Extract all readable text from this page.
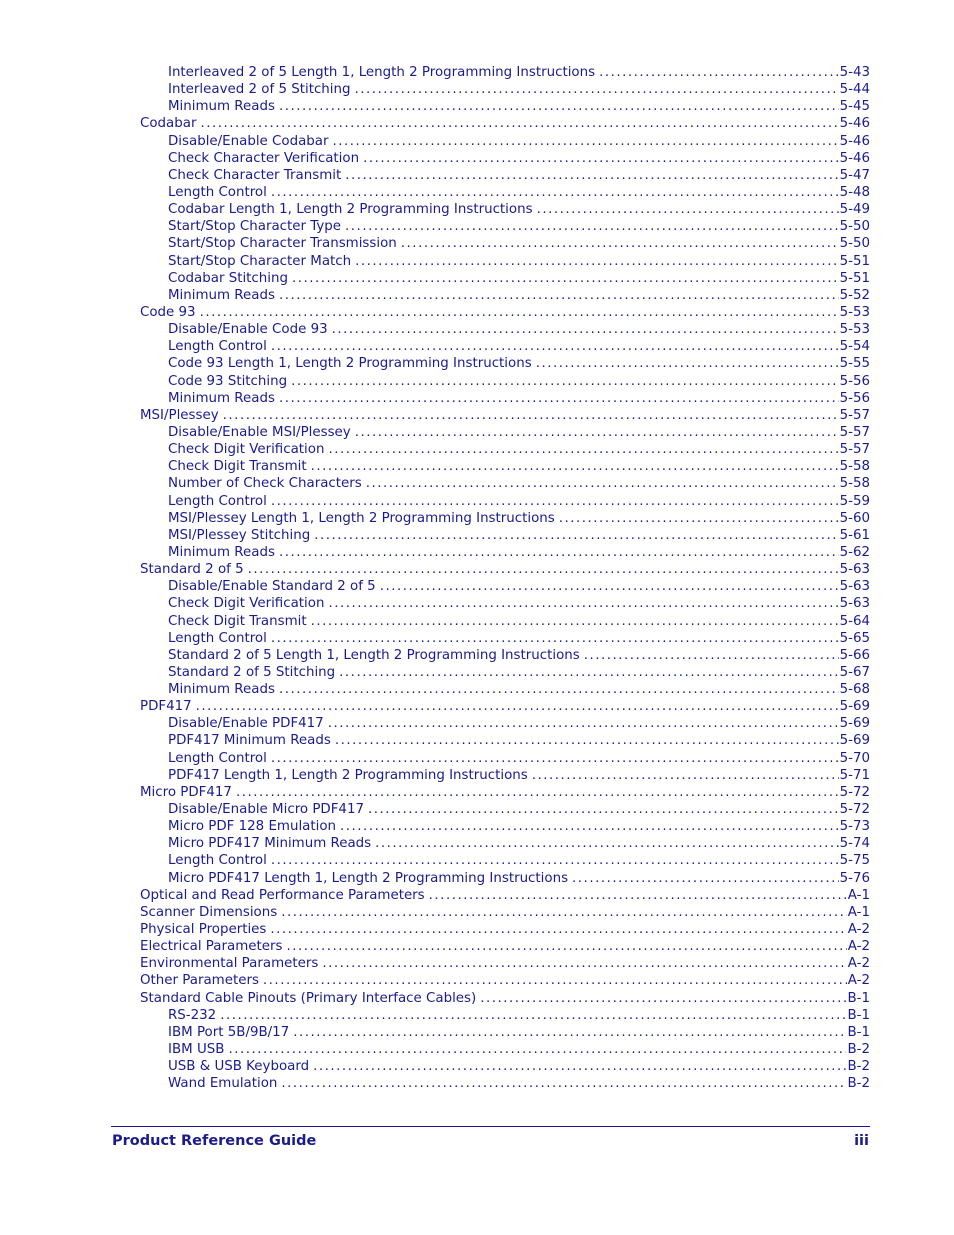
Interleaved 2 of 5 Length 1, Length 2 Programming Instructions .....	5-43
Interleaved 2 of 5 Stitching .....	5-44
Minimum Reads .....	5-45
Codabar .....	5-46
Disable/Enable Codabar .....	5-46
Check Character Verification .....	5-46
Check Character Transmit .....	5-47
Length Control .....	5-48
Codabar Length 1, Length 2 Programming Instructions .....	5-49
Start/Stop Character Type .....	5-50
Start/Stop Character Transmission .....	5-50
Start/Stop Character Match .....	5-51
Codabar Stitching .....	5-51
Minimum Reads .....	5-52
Code 93 .....	5-53
Disable/Enable Code 93 .....	5-53
Length Control .....	5-54
Code 93 Length 1, Length 2 Programming Instructions .....	5-55
Code 93 Stitching .....	5-56
Minimum Reads .....	5-56
MSI/Plessey .....	5-57
Disable/Enable MSI/Plessey .....	5-57
Check Digit Verification .....	5-57
Check Digit Transmit .....	5-58
Number of Check Characters .....	5-58
Length Control .....	5-59
MSI/Plessey Length 1, Length 2 Programming Instructions .....	5-60
MSI/Plessey Stitching .....	5-61
Minimum Reads .....	5-62
Standard 2 of 5 .....	5-63
Disable/Enable Standard 2 of 5 .....	5-63
Check Digit Verification .....	5-63
Check Digit Transmit .....	5-64
Length Control .....	5-65
Standard 2 of 5 Length 1, Length 2 Programming Instructions .....	5-66
Standard 2 of 5 Stitching .....	5-67
Minimum Reads .....	5-68
PDF417 .....	5-69
Disable/Enable PDF417 .....	5-69
PDF417 Minimum Reads .....	5-69
Length Control .....	5-70
PDF417 Length 1, Length 2 Programming Instructions .....	5-71
Micro PDF417 .....	5-72
Disable/Enable Micro PDF417 .....	5-72
Micro PDF 128 Emulation .....	5-73
Micro PDF417 Minimum Reads .....	5-74
Length Control .....	5-75
Micro PDF417 Length 1, Length 2 Programming Instructions .....	5-76
Optical and Read Performance Parameters .....	A-1
Scanner Dimensions .....	A-1
Physical Properties .....	A-2
Electrical Parameters .....	A-2
Environmental Parameters .....	A-2
Other Parameters .....	A-2
Standard Cable Pinouts (Primary Interface Cables) .....	B-1
RS-232 .....	B-1
IBM Port 5B/9B/17 .....	B-1
IBM USB .....	B-2
USB & USB Keyboard .....	B-2
Wand Emulation .....	B-2
Product Reference Guide	iii
